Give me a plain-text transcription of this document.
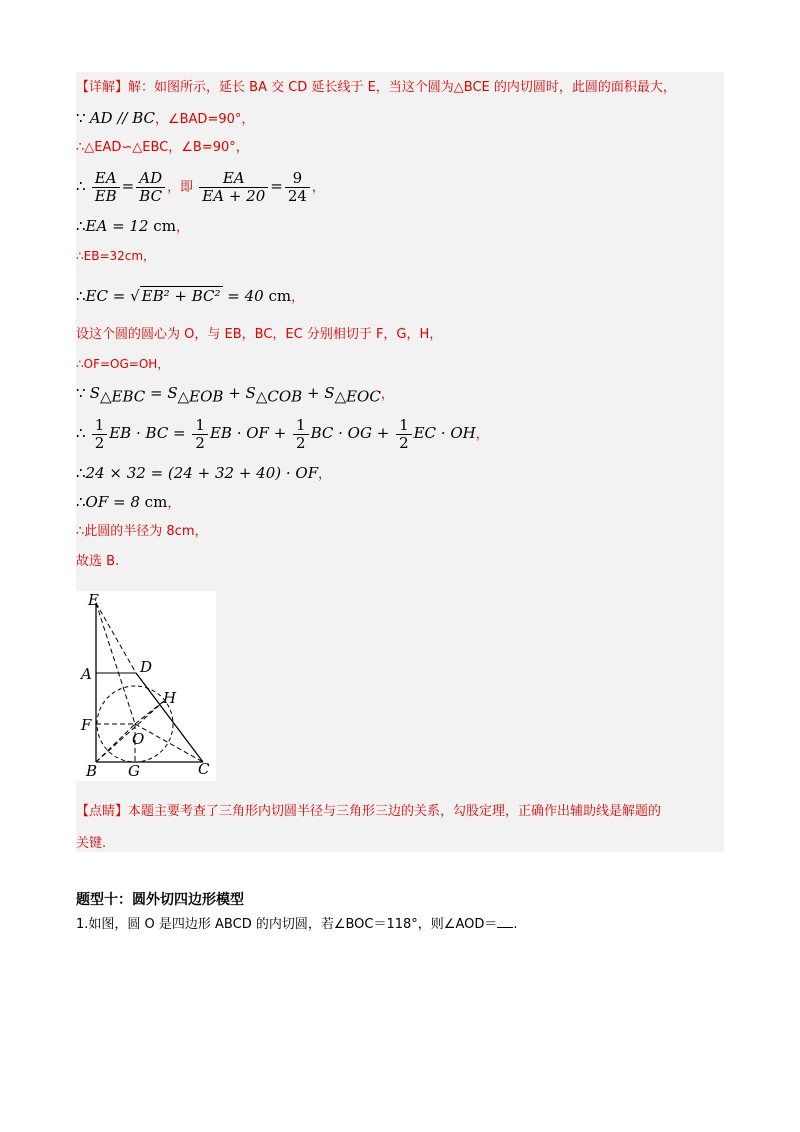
【详解】解：如图所示，延长 BA 交 CD 延长线于 E，当这个圆为△BCE 的内切圆时，此圆的面积最大，
∵ AD // BC，∠BAD=90°，
∴△EAD∽△EBC，∠B=90°，
∴ $\frac{EA}{EB} = \frac{AD}{BC}$ ，即 $\frac{EA}{EA + 20} = \frac{9}{24}$ ，
∴EA = 12 cm，
∴EB=32cm，
∴EC = √ EB² + BC² = 40 cm，
设这个圆的圆心为 O，与 EB，BC，EC 分别相切于 F，G，H，
∴OF=OG=OH，
∵ $S_{\triangle EBC} = S_{\triangle EOB} + S_{\triangle COB} + S_{\triangle EOC}$，
∴ $\frac{1}{2}$ EB · BC = $\frac{1}{2}$ EB · OF + $\frac{1}{2}$ BC · OG + $\frac{1}{2}$ EC · OH，
∴24 × 32 = (24 + 32 + 40) · OF，
∴OF = 8 cm，
∴此圆的半径为 8cm，
故选 B.
E
A	D
H
F
O
B G	C
【点睛】本题主要考查了三角形内切圆半径与三角形三边的关系，勾股定理，正确作出辅助线是解题的
关键.
题型十：圆外切四边形模型
1.如图，圆 O 是四边形 ABCD 的内切圆，若∠BOC＝118°，则∠AOD＝ .
